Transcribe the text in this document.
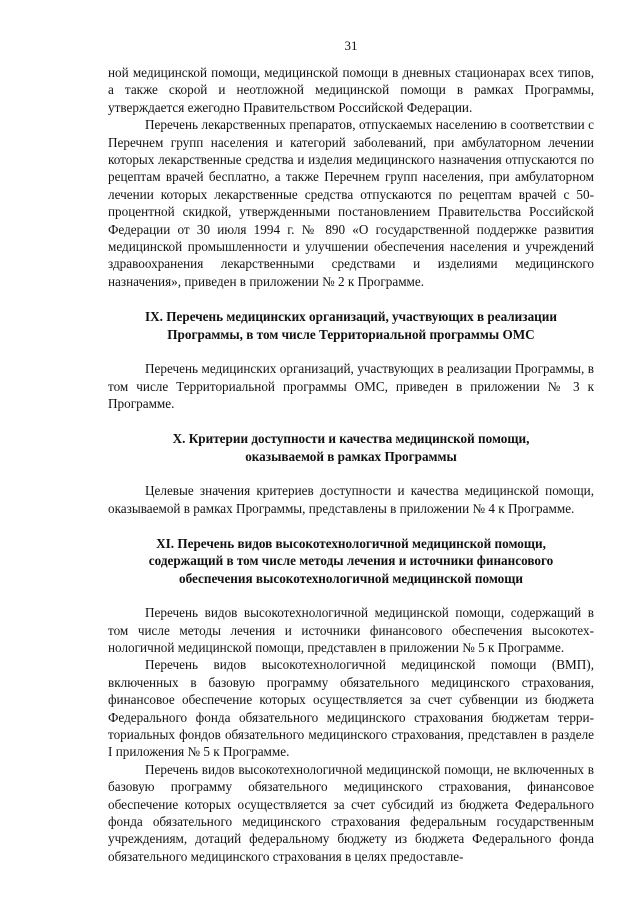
31

ной медицинской помощи, медицинской помощи в дневных стационарах всех типов, а также скорой и неотложной медицинской помощи в рамках Программы, утверждается ежегодно Правительством Российской Федерации.

Перечень лекарственных препаратов, отпускаемых населению в соответствии с Перечнем групп населения и категорий заболеваний, при амбулаторном лечении которых лекарственные средства и изделия медицинского назначения отпускаются по рецептам врачей бесплатно, а также Перечнем групп населения, при амбулаторном лечении которых лекарственные средства отпускаются по рецептам врачей с 50-процентной скидкой, утвержденными постановлением Правительства Российской Федерации от 30 июля 1994 г. № 890 «О государственной поддержке развития медицинской промышленности и улучшении обеспечения населения и учреждений здравоохранения лекарственными средствами и изделиями медицинского назначения», приведен в приложении № 2 к Программе.

IX. Перечень медицинских организаций, участвующих в реализации
Программы, в том числе Территориальной программы ОМС

Перечень медицинских организаций, участвующих в реализации Программы, в том числе Территориальной программы ОМС, приведен в приложении № 3 к Программе.

X. Критерии доступности и качества медицинской помощи,
оказываемой в рамках Программы

Целевые значения критериев доступности и качества медицинской помощи, оказываемой в рамках Программы, представлены в приложении № 4 к Программе.

XI. Перечень видов высокотехнологичной медицинской помощи,
содержащий в том числе методы лечения и источники финансового
обеспечения высокотехнологичной медицинской помощи

Перечень видов высокотехнологичной медицинской помощи, содержащий в том числе методы лечения и источники финансового обеспечения высокотехнологичной медицинской помощи, представлен в приложении № 5 к Программе.

Перечень видов высокотехнологичной медицинской помощи (ВМП), включенных в базовую программу обязательного медицинского страхования, финансовое обеспечение которых осуществляется за счет субвенции из бюджета Федерального фонда обязательного медицинского страхования бюджетам территориальных фондов обязательного медицинского страхования, представлен в разделе I приложения № 5 к Программе.

Перечень видов высокотехнологичной медицинской помощи, не включенных в базовую программу обязательного медицинского страхования, финансовое обеспечение которых осуществляется за счет субсидий из бюджета Федерального фонда обязательного медицинского страхования федеральным государственным учреждениям, дотаций федеральному бюджету из бюджета Федерального фонда обязательного медицинского страхования в целях предоставле-
